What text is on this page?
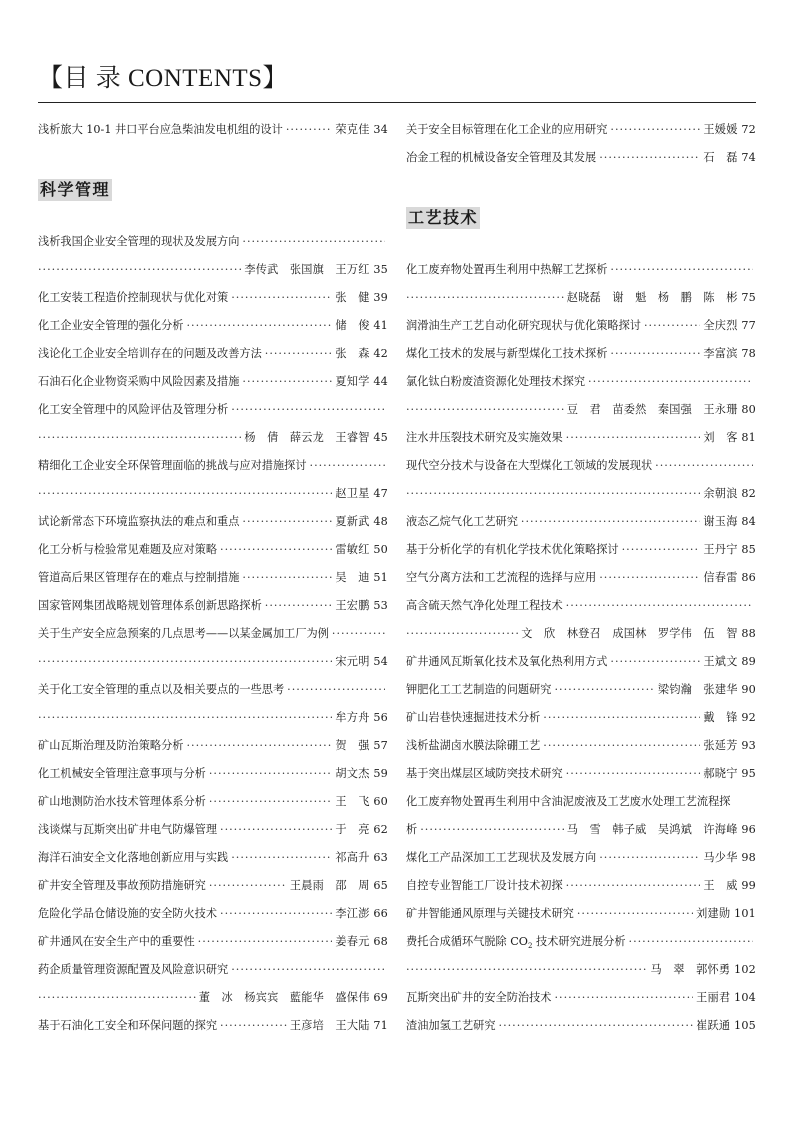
【目 录 CONTENTS】
浅析旅大 10-1 井口平台应急柴油发电机组的设计 ·····	荣克佳 34
科学管理
浅析我国企业安全管理的现状及发展方向
·····
·····
李传武　张国旗　王万红 35
化工安装工程造价控制现状与优化对策 ·····	张　健 39
化工企业安全管理的强化分析 ·····	储　俊 41
浅论化工企业安全培训存在的问题及改善方法 ·····	张　森 42
石油石化企业物资采购中风险因素及措施 ·····	夏知学 44
化工安全管理中的风险评估及管理分析
·····
·····
杨　倩　薛云龙　王睿智 45
精细化工企业安全环保管理面临的挑战与应对措施探讨
·····
·····
赵卫星 47
试论新常态下环境监察执法的难点和重点 ·····	夏新武 48
化工分析与检验常见难题及应对策略 ·····	雷敏红 50
管道高后果区管理存在的难点与控制措施 ·····	吴　迪 51
国家管网集团战略规划管理体系创新思路探析 ·····	王宏鹏 53
关于生产安全应急预案的几点思考——以某金属加工厂为例
·····
·····
宋元明 54
关于化工安全管理的重点以及相关要点的一些思考
·····
·····
牟方舟 56
矿山瓦斯治理及防治策略分析 ·····	贺　强 57
化工机械安全管理注意事项与分析 ·····	胡文杰 59
矿山地测防治水技术管理体系分析 ·····	王　飞 60
浅谈煤与瓦斯突出矿井电气防爆管理 ·····	于　亮 62
海洋石油安全文化落地创新应用与实践 ·····	祁高升 63
矿井安全管理及事故预防措施研究 ·····	王晨雨　邵　周 65
危险化学品仓储设施的安全防火技术 ·····	李江澎 66
矿井通风在安全生产中的重要性 ·····	姜春元 68
药企质量管理资源配置及风险意识研究
·····
·····
董　冰　杨宾宾　藍能华　盛保伟 69
基于石油化工安全和环保问题的探究 ·····	王彦培　王大陆 71
关于安全目标管理在化工企业的应用研究 ·····	王媛媛 72
冶金工程的机械设备安全管理及其发展 ·····	石　磊 74
工艺技术
化工废弃物处置再生利用中热解工艺探析
·····
·····
赵晓磊　谢　魁　杨　鹏　陈　彬 75
润滑油生产工艺自动化研究现状与优化策略探讨 ·····	全庆烈 77
煤化工技术的发展与新型煤化工技术探析 ·····	李富滨 78
氯化钛白粉废渣资源化处理技术探究
·····
·····
豆　君　苗委然　秦国强　王永珊 80
注水井压裂技术研究及实施效果 ·····	刘　客 81
现代空分技术与设备在大型煤化工领域的发展现状
·····
·····
余朝浪 82
液态乙烷气化工艺研究 ·····	谢玉海 84
基于分析化学的有机化学技术优化策略探讨 ·····	王丹宁 85
空气分离方法和工艺流程的选择与应用 ·····	信春雷 86
高含硫天然气净化处理工程技术
·····
·····
文　欣　林登召　成国林　罗学伟　伍　智 88
矿井通风瓦斯氧化技术及氧化热利用方式 ·····	王斌文 89
钾肥化工工艺制造的问题研究 ·····	梁钧瀚　张建华 90
矿山岩巷快速掘进技术分析 ·····	戴　锋 92
浅析盐湖卤水膜法除硼工艺 ·····	张延芳 93
基于突出煤层区域防突技术研究 ·····	郝晓宁 95
化工废弃物处置再生利用中含油泥废液及工艺废水处理工艺流程探
析 ·····	马　雪　韩子威　吴鸿斌　许海峰 96
煤化工产品深加工工艺现状及发展方向 ·····	马少华 98
自控专业智能工厂设计技术初探 ·····	王　威 99
矿井智能通风原理与关键技术研究 ·····	刘建勋 101
费托合成循环气脱除 $CO_2$ 技术研究进展分析
·····
·····
马　翠　郭怀勇 102
瓦斯突出矿井的安全防治技术 ·····	王丽君 104
渣油加氢工艺研究 ·····	崔跃通 105
